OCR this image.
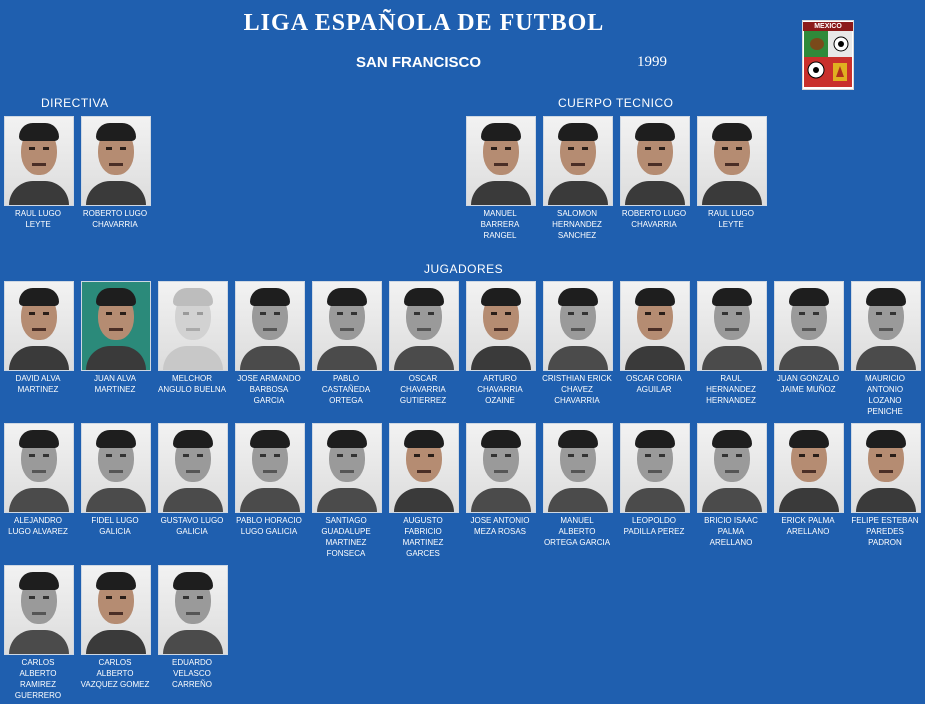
LIGA ESPAÑOLA DE FUTBOL
SAN FRANCISCO	1999
MEXICO
DIRECTIVA	CUERPO TECNICO
JUGADORES
RAUL LUGO LEYTE
ROBERTO LUGO CHAVARRIA
MANUEL BARRERA RANGEL
SALOMON HERNANDEZ SANCHEZ
ROBERTO LUGO CHAVARRIA
RAUL LUGO LEYTE
DAVID ALVA MARTINEZ
JUAN ALVA MARTINEZ
MELCHOR ANGULO BUELNA
JOSE ARMANDO BARBOSA GARCIA
PABLO CASTAÑEDA ORTEGA
OSCAR CHAVARRIA GUTIERREZ
ARTURO CHAVARRIA OZAINE
CRISTHIAN ERICK CHAVEZ CHAVARRIA
OSCAR CORIA AGUILAR
RAUL HERNANDEZ HERNANDEZ
JUAN GONZALO JAIME MUÑOZ
MAURICIO ANTONIO LOZANO PENICHE
ALEJANDRO LUGO ALVAREZ
FIDEL LUGO GALICIA
GUSTAVO LUGO GALICIA
PABLO HORACIO LUGO GALICIA
SANTIAGO GUADALUPE MARTINEZ FONSECA
AUGUSTO FABRICIO MARTINEZ GARCES
JOSE ANTONIO MEZA ROSAS
MANUEL ALBERTO ORTEGA GARCIA
LEOPOLDO PADILLA PEREZ
BRICIO ISAAC PALMA ARELLANO
ERICK PALMA ARELLANO
FELIPE ESTEBAN PAREDES PADRON
CARLOS ALBERTO RAMIREZ GUERRERO
CARLOS ALBERTO VAZQUEZ GOMEZ
EDUARDO VELASCO CARREÑO
